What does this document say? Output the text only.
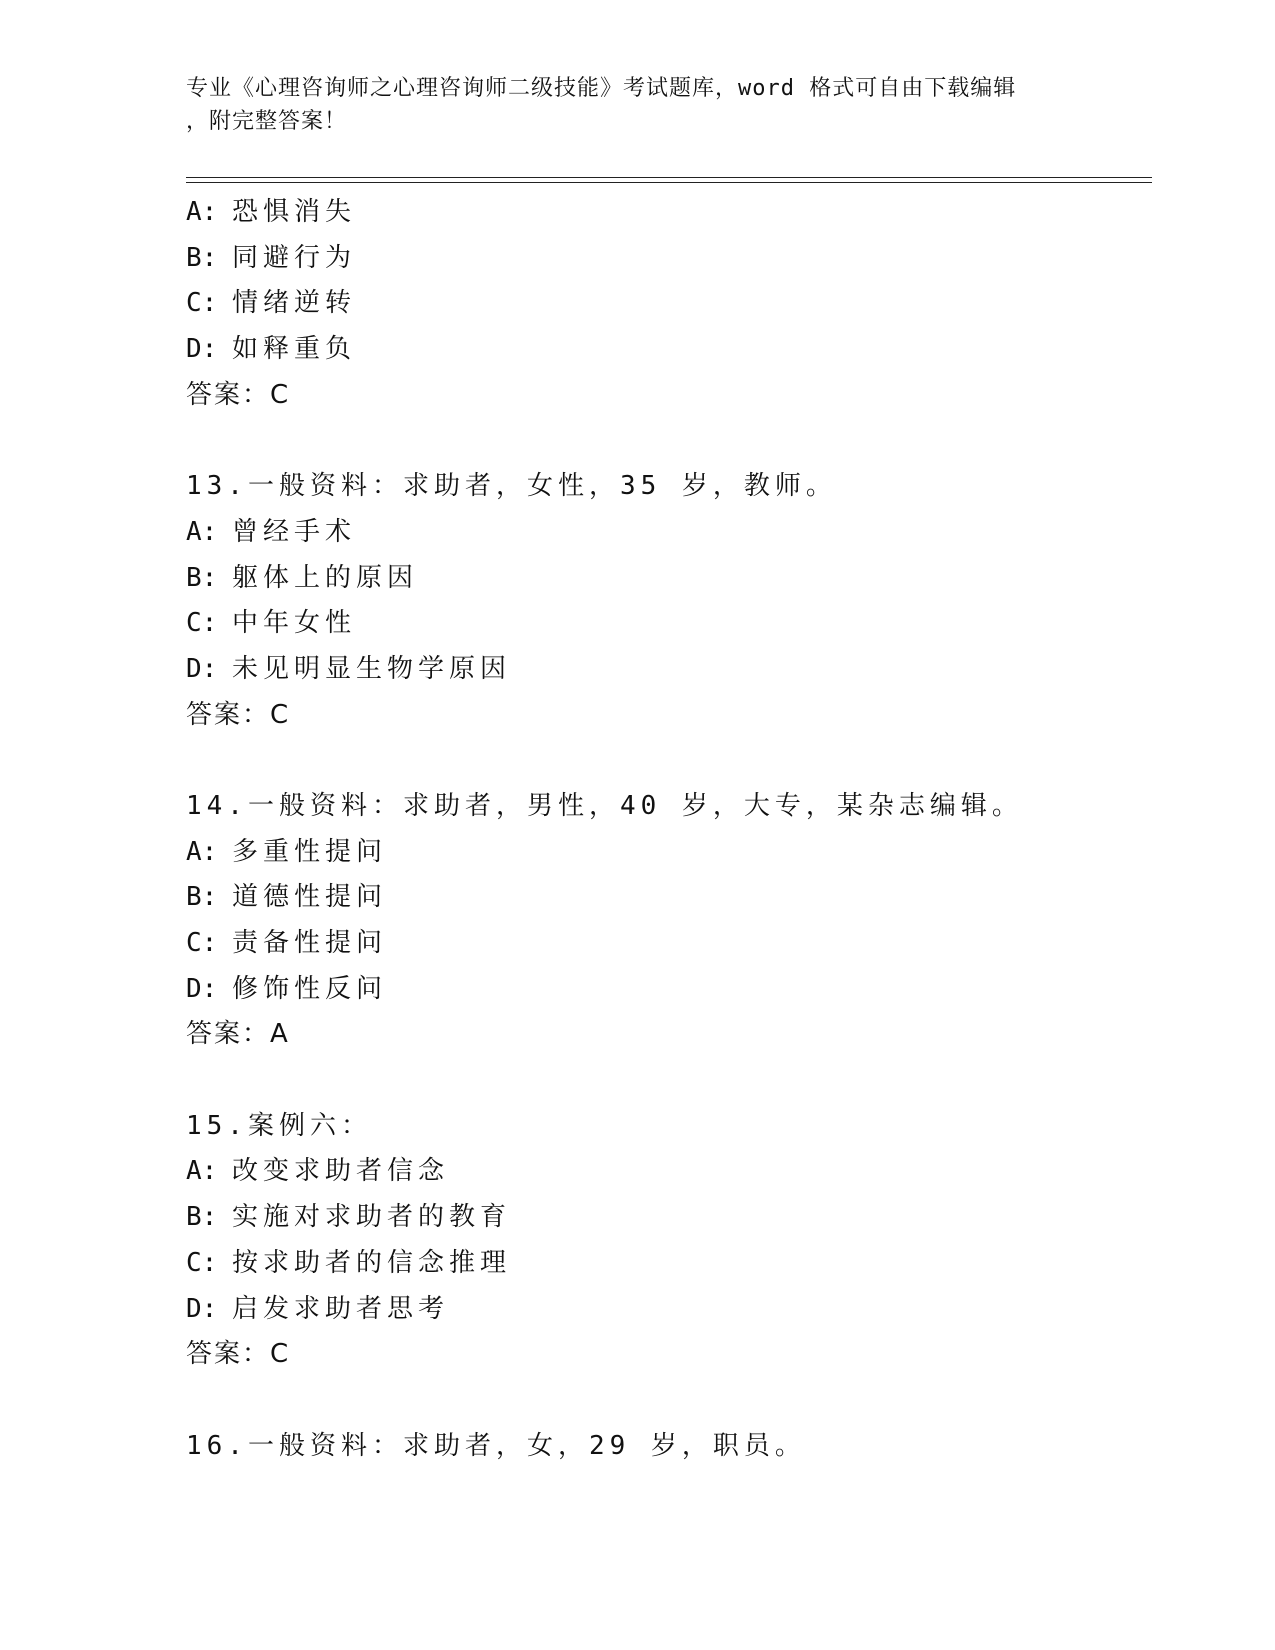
专业《心理咨询师之心理咨询师二级技能》考试题库，word 格式可自由下载编辑
，附完整答案！
A: 恐惧消失
B: 同避行为
C: 情绪逆转
D: 如释重负
答案：C
13.一般资料：求助者，女性，35 岁，教师。
A: 曾经手术
B: 躯体上的原因
C: 中年女性
D: 未见明显生物学原因
答案：C
14.一般资料：求助者，男性，40 岁，大专，某杂志编辑。
A: 多重性提问
B: 道德性提问
C: 责备性提问
D: 修饰性反问
答案：A
15.案例六：
A: 改变求助者信念
B: 实施对求助者的教育
C: 按求助者的信念推理
D: 启发求助者思考
答案：C
16.一般资料：求助者，女，29 岁，职员。
